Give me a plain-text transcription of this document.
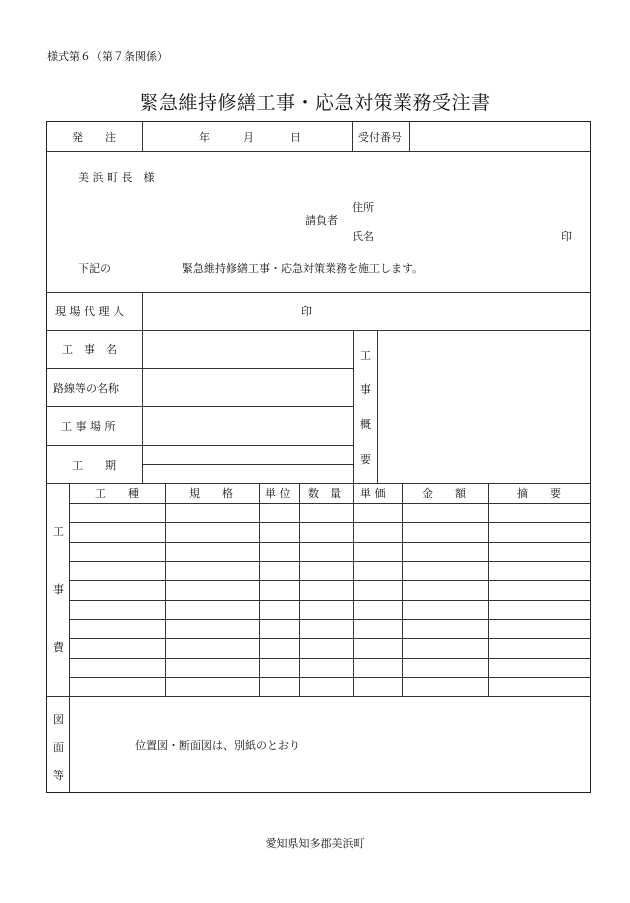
様式第６（第７条関係）
緊急維持修繕工事・応急対策業務受注書
発　　注	年	月	日	受付番号
美 浜 町 長　様
住所
請負者
氏名	印
下記の	緊急維持修繕工事・応急対策業務を施工します。
現 場 代 理 人	印
工　事　名
路線等の名称
工 事 場 所
工　　期
工
事
概
要
工
事
費
工　　種	規　　格	単 位 数　量 単 価	金　　額	摘　　要
図
面
等
位置図・断面図は、別紙のとおり
愛知県知多郡美浜町
